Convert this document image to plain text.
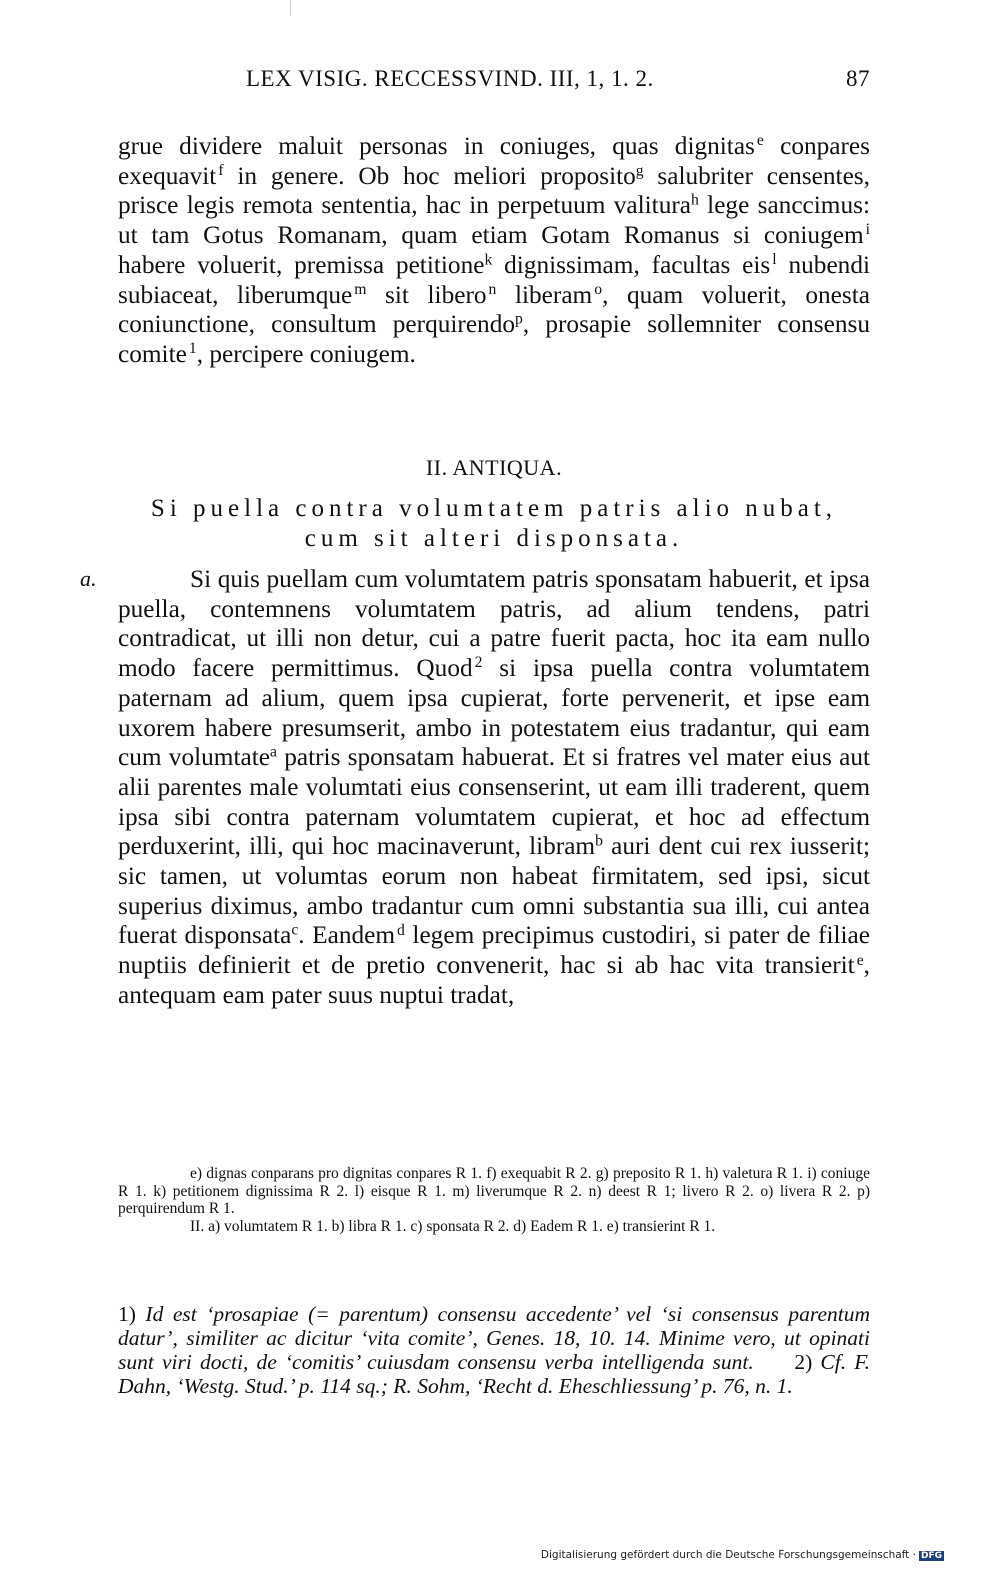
LEX VISIG. RECCESSVIND. III, 1, 1. 2.	87
grue dividere maluit personas in coniuges, quas dignitas $^e$ conpares exequavit $^f$ in genere. Ob hoc meliori proposito$^g$ salubriter censentes, prisce legis remota sententia, hac in perpetuum valitura$^h$ lege sanccimus: ut tam Gotus Romanam, quam etiam Gotam Romanus si coniugem $^i$ habere voluerit, premissa petitione$^k$ dignissimam, facultas eis $^l$ nubendi subiaceat, liberumque $^m$ sit libero $^n$ liberam $^o$, quam voluerit, onesta coniunctione, consultum perquirendo$^p$, prosapie sollemniter consensu comite $^1$, percipere coniugem.
II. ANTIQUA.
Si puella contra volumtatem patris alio nubat, cum sit alteri disponsata.
a.	Si quis puellam cum volumtatem patris sponsatam habuerit, et ipsa puella, contemnens volumtatem patris, ad alium tendens, patri contradicat, ut illi non detur, cui a patre fuerit pacta, hoc ita eam nullo modo facere permittimus. Quod $^2$ si ipsa puella contra volumtatem paternam ad alium, quem ipsa cupierat, forte pervenerit, et ipse eam uxorem habere presumserit, ambo in potestatem eius tradantur, qui eam cum volumtate$^a$ patris sponsatam habuerat. Et si fratres vel mater eius aut alii parentes male volumtati eius consenserint, ut eam illi traderent, quem ipsa sibi contra paternam volumtatem cupierat, et hoc ad effectum perduxerint, illi, qui hoc macinaverunt, libram$^b$ auri dent cui rex iusserit; sic tamen, ut volumtas eorum non habeat firmitatem, sed ipsi, sicut superius diximus, ambo tradantur cum omni substantia sua illi, cui antea fuerat disponsata$^c$. Eandem $^d$ legem precipimus custodiri, si pater de filiae nuptiis definierit et de pretio convenerit, hac si ab hac vita transierit $^e$, antequam eam pater suus nuptui tradat,

e) dignas conparans pro dignitas conpares R 1. f) exequabit R 2. g) preposito R 1. h) valetura R 1. i) coniuge R 1. k) petitionem dignissima R 2. l) eisque R 1. m) liverumque R 2. n) deest R 1; livero R 2. o) livera R 2. p) perquirendum R 1.

II. a) volumtatem R 1. b) libra R 1. c) sponsata R 2. d) Eadem R 1. e) transierint R 1.

1) Id est ‘prosapiae (= parentum) consensu accedente’ vel ‘si consensus parentum datur’, similiter ac dicitur ‘vita comite’, Genes. 18, 10. 14. Minime vero, ut opinati sunt viri docti, de ‘comitis’ cuiusdam consensu verba intelligenda sunt. 2) Cf. F. Dahn, ‘Westg. Stud.’ p. 114 sq.; R. Sohm, ‘Recht d. Eheschliessung’ p. 76, n. 1.
Digitalisierung gefördert durch die Deutsche Forschungsgemeinschaft · DFG
